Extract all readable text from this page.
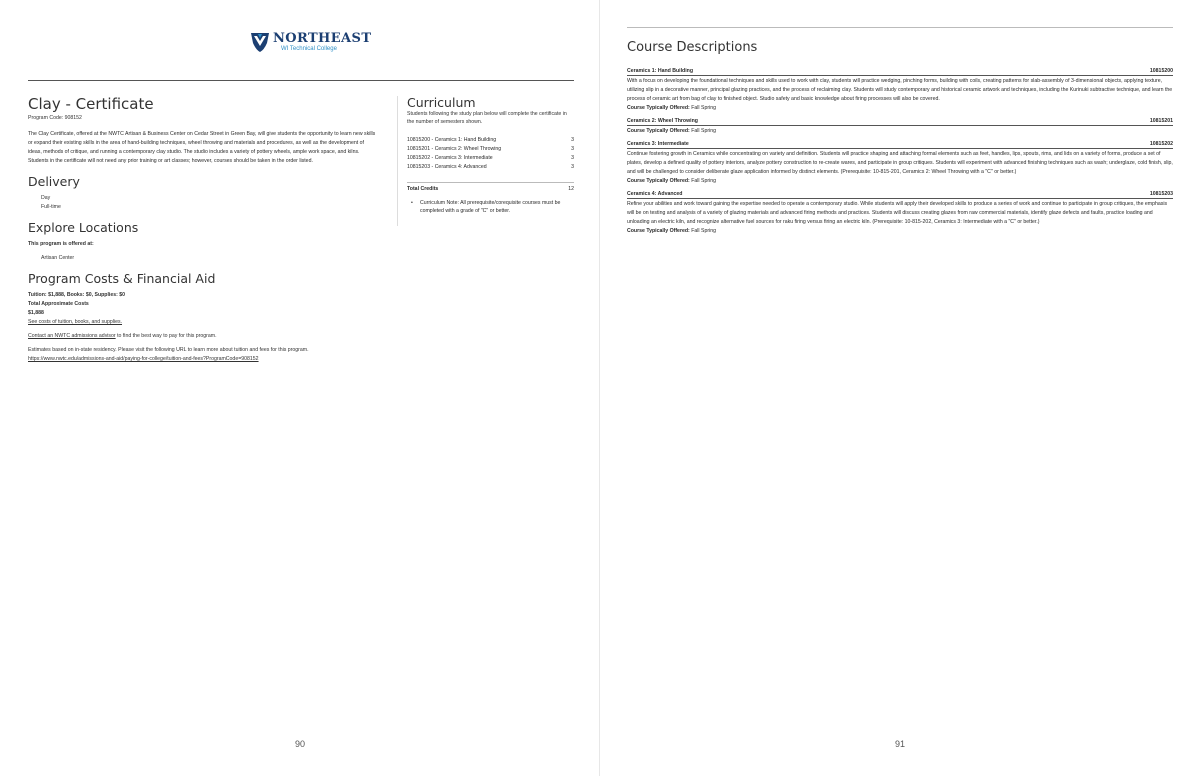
NORTHEAST
WI Technical College
Clay - Certificate
Program Code: 908152

The Clay Certificate, offered at the NWTC Artisan & Business Center on Cedar Street in Green Bay, will give students the opportunity to learn new skills or expand their existing skills in the area of hand-building techniques, wheel throwing and materials and procedures, as well as the development of ideas, methods of critique, and running a contemporary clay studio. The studio includes a variety of pottery wheels, ample work space, and kilns. Students in the certificate will not need any prior training or art classes; however, courses should be taken in the order listed.

Delivery
Day
Full-time
Explore Locations
This program is offered at:
Artisan Center
Program Costs & Financial Aid
Tuition: $1,888, Books: $0, Supplies: $0
Total Approximate Costs
$1,888
See costs of tuition, books, and supplies.
Contact an NWTC admissions advisor to find the best way to pay for this program.
Estimates based on in-state residency. Please visit the following URL to learn more about tuition and fees for this program.
https://www.nwtc.edu/admissions-and-aid/paying-for-college/tuition-and-fees?ProgramCode=908152
Curriculum
Students following the study plan below will complete the certificate in the number of semesters shown.
10815200 - Ceramics 1: Hand Building	3
10815201 - Ceramics 2: Wheel Throwing	3
10815202 - Ceramics 3: Intermediate	3
10815203 - Ceramics 4: Advanced	3
Total Credits	12
•	Curriculum Note: All prerequisite/corequisite courses must be completed with a grade of "C" or better.
90
Course Descriptions
Ceramics 1: Hand Building	10815200
With a focus on developing the foundational techniques and skills used to work with clay, students will practice wedging, pinching forms, building with coils, creating patterns for slab-assembly of 3-dimensional objects, applying texture, utilizing slip in a decorative manner, principal glazing practices, and the process of reclaiming clay. Students will study contemporary and historical ceramic artwork and techniques, including the Kurinuki subtractive technique, and learn the process of ceramic art from bag of clay to finished object. Studio safety and basic knowledge about firing processes will also be covered.
Course Typically Offered: Fall Spring
Ceramics 2: Wheel Throwing	10815201
Course Typically Offered: Fall Spring
Ceramics 3: Intermediate	10815202
Continue fostering growth in Ceramics while concentrating on variety and definition. Students will practice shaping and attaching formal elements such as feet, handles, lips, spouts, rims, and lids on a variety of forms, produce a set of plates, develop a defined quality of pottery interiors, analyze pottery construction to re-create wares, and participate in group critiques. Students will experiment with advanced finishing techniques such as wash; underglaze, cold finish, slip, and will be challenged to consider deliberate glaze application informed by distinct elements. (Prerequisite: 10-815-201, Ceramics 2: Wheel Throwing with a "C" or better.)
Course Typically Offered: Fall Spring
Ceramics 4: Advanced	10815203
Refine your abilities and work toward gaining the expertise needed to operate a contemporary studio. While students will apply their developed skills to produce a series of work and continue to participate in group critiques, the emphasis will be on testing and analysis of a variety of glazing materials and advanced firing methods and practices. Students will discuss creating glazes from raw commercial materials, identify glaze defects and faults, practice loading and unloading an electric kiln, and recognize alternative fuel sources for raku firing versus firing an electric kiln. (Prerequisite: 10-815-202, Ceramics 3: Intermediate with a "C" or better.)
Course Typically Offered: Fall Spring
91
